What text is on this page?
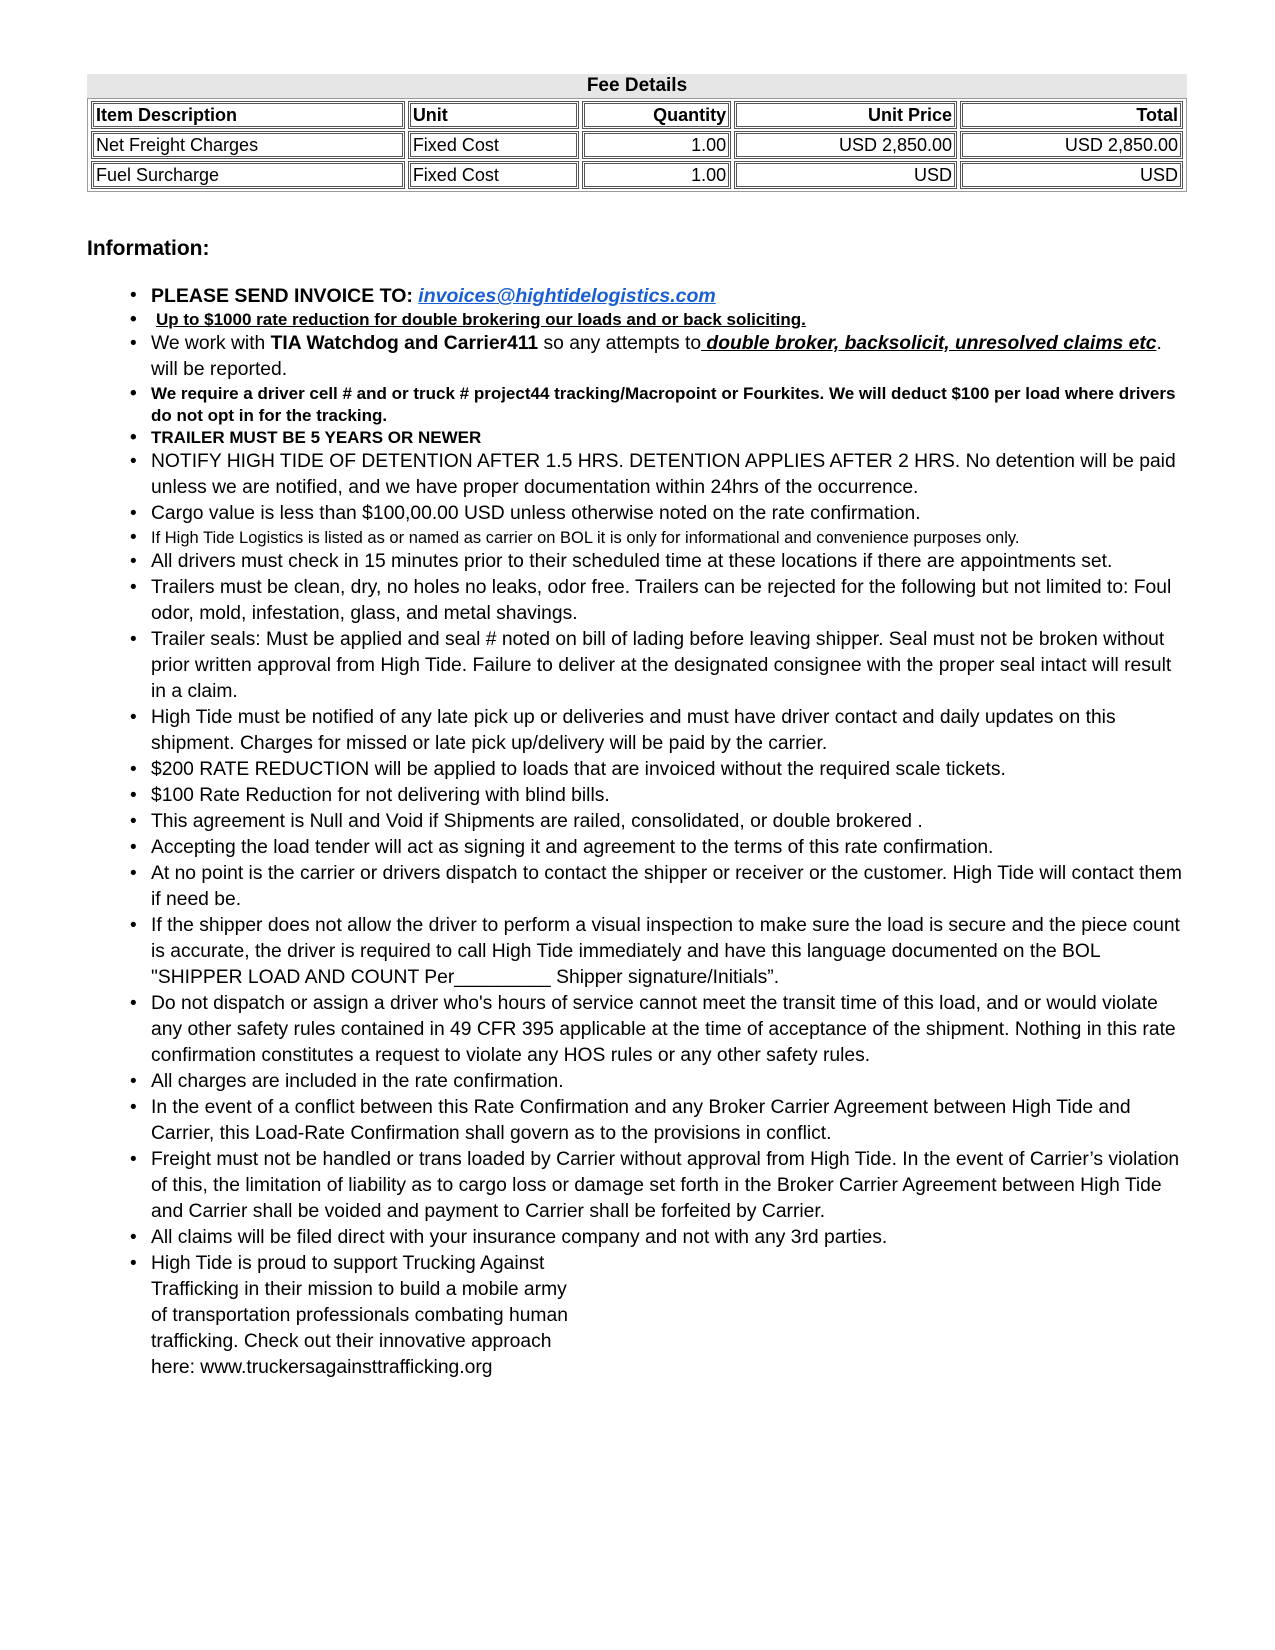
Fee Details
Item Description	Unit	Quantity	Unit Price	Total
Net Freight Charges	Fixed Cost	1.00	USD 2,850.00	USD 2,850.00
Fuel Surcharge	Fixed Cost	1.00	USD	USD
Information:
• PLEASE SEND INVOICE TO: invoices@hightidelogistics.com
• Up to $1000 rate reduction for double brokering our loads and or back soliciting.
• We work with TIA Watchdog and Carrier411 so any attempts to double broker, backsolicit, unresolved claims etc. will be reported.
• We require a driver cell # and or truck # project44 tracking/Macropoint or Fourkites. We will deduct $100 per load where drivers do not opt in for the tracking.
• TRAILER MUST BE 5 YEARS OR NEWER
• NOTIFY HIGH TIDE OF DETENTION AFTER 1.5 HRS. DETENTION APPLIES AFTER 2 HRS. No detention will be paid unless we are notified, and we have proper documentation within 24hrs of the occurrence.
• Cargo value is less than $100,00.00 USD unless otherwise noted on the rate confirmation.
• If High Tide Logistics is listed as or named as carrier on BOL it is only for informational and convenience purposes only.
• All drivers must check in 15 minutes prior to their scheduled time at these locations if there are appointments set.
• Trailers must be clean, dry, no holes no leaks, odor free. Trailers can be rejected for the following but not limited to: Foul odor, mold, infestation, glass, and metal shavings.
• Trailer seals: Must be applied and seal # noted on bill of lading before leaving shipper. Seal must not be broken without prior written approval from High Tide. Failure to deliver at the designated consignee with the proper seal intact will result in a claim.
• High Tide must be notified of any late pick up or deliveries and must have driver contact and daily updates on this shipment. Charges for missed or late pick up/delivery will be paid by the carrier.
• $200 RATE REDUCTION will be applied to loads that are invoiced without the required scale tickets.
• $100 Rate Reduction for not delivering with blind bills.
• This agreement is Null and Void if Shipments are railed, consolidated, or double brokered .
• Accepting the load tender will act as signing it and agreement to the terms of this rate confirmation.
• At no point is the carrier or drivers dispatch to contact the shipper or receiver or the customer. High Tide will contact them if need be.
• If the shipper does not allow the driver to perform a visual inspection to make sure the load is secure and the piece count is accurate, the driver is required to call High Tide immediately and have this language documented on the BOL "SHIPPER LOAD AND COUNT Per_________ Shipper signature/Initials”.
• Do not dispatch or assign a driver who's hours of service cannot meet the transit time of this load, and or would violate any other safety rules contained in 49 CFR 395 applicable at the time of acceptance of the shipment. Nothing in this rate confirmation constitutes a request to violate any HOS rules or any other safety rules.
• All charges are included in the rate confirmation.
• In the event of a conflict between this Rate Confirmation and any Broker Carrier Agreement between High Tide and Carrier, this Load-Rate Confirmation shall govern as to the provisions in conflict.
• Freight must not be handled or trans loaded by Carrier without approval from High Tide. In the event of Carrier’s violation of this, the limitation of liability as to cargo loss or damage set forth in the Broker Carrier Agreement between High Tide and Carrier shall be voided and payment to Carrier shall be forfeited by Carrier.
• All claims will be filed direct with your insurance company and not with any 3rd parties.
• High Tide is proud to support Trucking Against Trafficking in their mission to build a mobile army of transportation professionals combating human trafficking. Check out their innovative approach here: www.truckersagainsttrafficking.org
